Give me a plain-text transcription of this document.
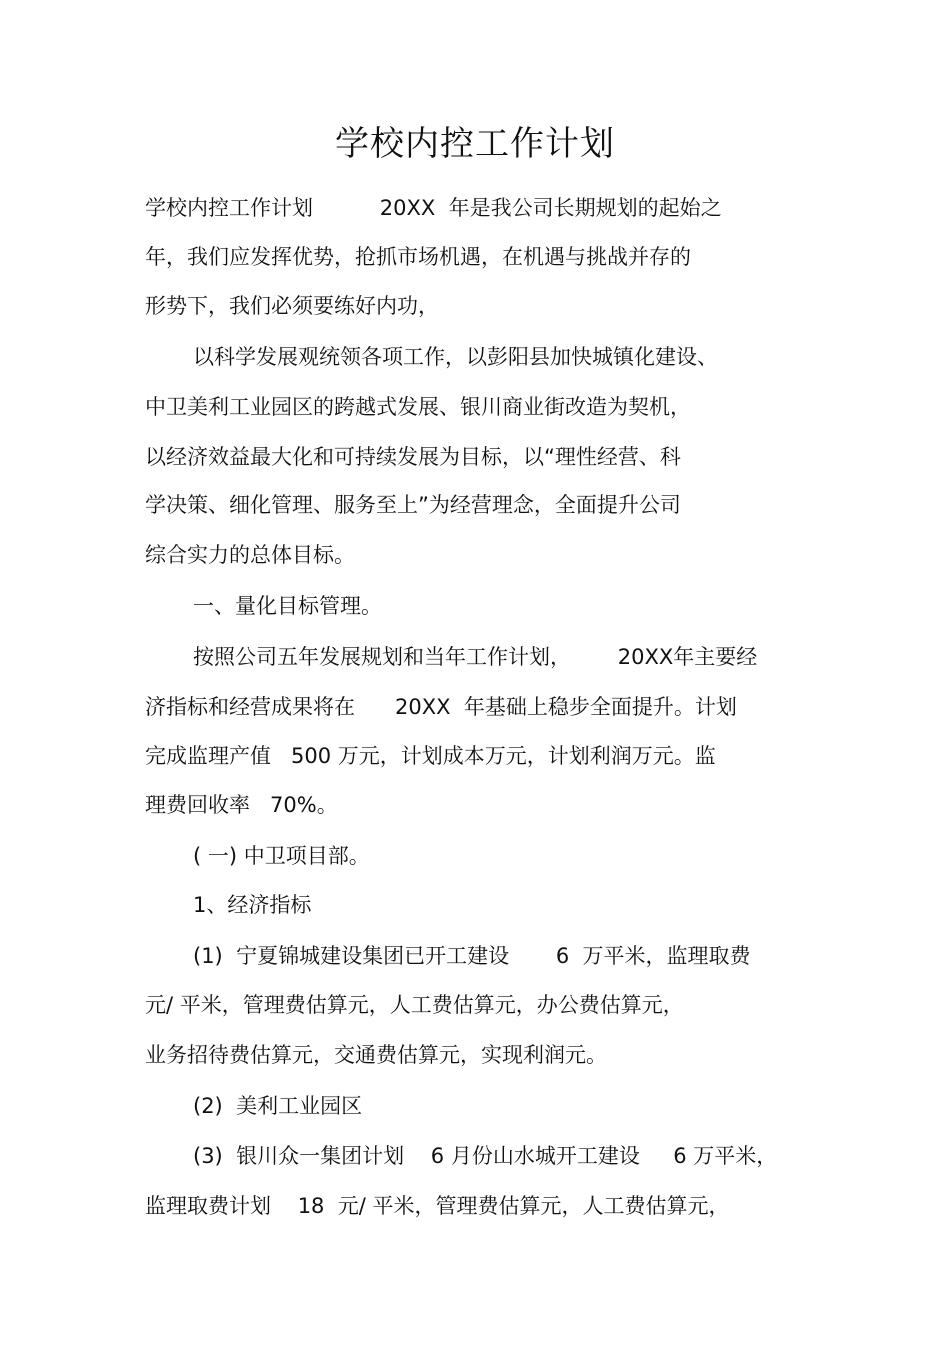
学校内控工作计划
学校内控工作计划          20XX  年是我公司长期规划的起始之
年，我们应发挥优势，抢抓市场机遇，在机遇与挑战并存的
形势下，我们必须要练好内功，
以科学发展观统领各项工作，以彭阳县加快城镇化建设、
中卫美利工业园区的跨越式发展、银川商业街改造为契机，
以经济效益最大化和可持续发展为目标，以“理性经营、科
学决策、细化管理、服务至上”为经营理念，全面提升公司
综合实力的总体目标。
一、量化目标管理。
按照公司五年发展规划和当年工作计划，       20XX年主要经
济指标和经营成果将在      20XX  年基础上稳步全面提升。计划
完成监理产值   500 万元，计划成本万元，计划利润万元。监
理费回收率   70%。
( 一) 中卫项目部。
1、经济指标
(1)  宁夏锦城建设集团已开工建设       6  万平米，监理取费
元/ 平米，管理费估算元，人工费估算元，办公费估算元，
业务招待费估算元，交通费估算元，实现利润元。
(2)  美利工业园区
(3)  银川众一集团计划    6 月份山水城开工建设     6 万平米，
监理取费计划    18  元/ 平米，管理费估算元，人工费估算元，
